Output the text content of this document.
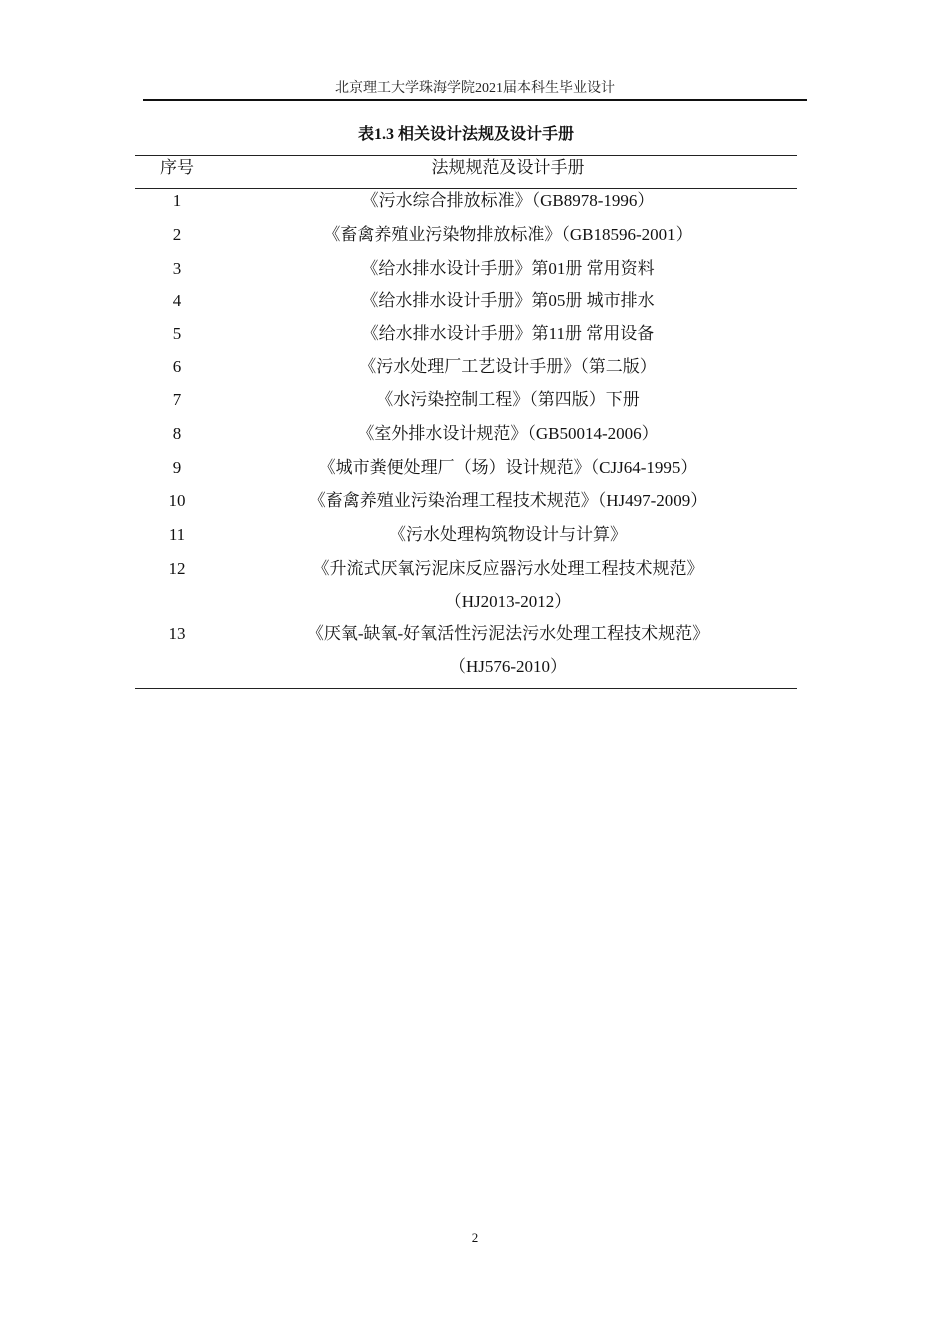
北京理工大学珠海学院2021届本科生毕业设计
表1.3 相关设计法规及设计手册
序号	法规规范及设计手册
1	《污水综合排放标准》（GB8978-1996）
2	《畜禽养殖业污染物排放标准》（GB18596-2001）
3	《给水排水设计手册》第01册 常用资料
4	《给水排水设计手册》第05册 城市排水
5	《给水排水设计手册》第11册 常用设备
6	《污水处理厂工艺设计手册》（第二版）
7	《水污染控制工程》（第四版）下册
8	《室外排水设计规范》（GB50014-2006）
9	《城市粪便处理厂（场）设计规范》（CJJ64-1995）
10	《畜禽养殖业污染治理工程技术规范》（HJ497-2009）
11	《污水处理构筑物设计与计算》
12	《升流式厌氧污泥床反应器污水处理工程技术规范》
（HJ2013-2012）
13	《厌氧-缺氧-好氧活性污泥法污水处理工程技术规范》
（HJ576-2010）
2
